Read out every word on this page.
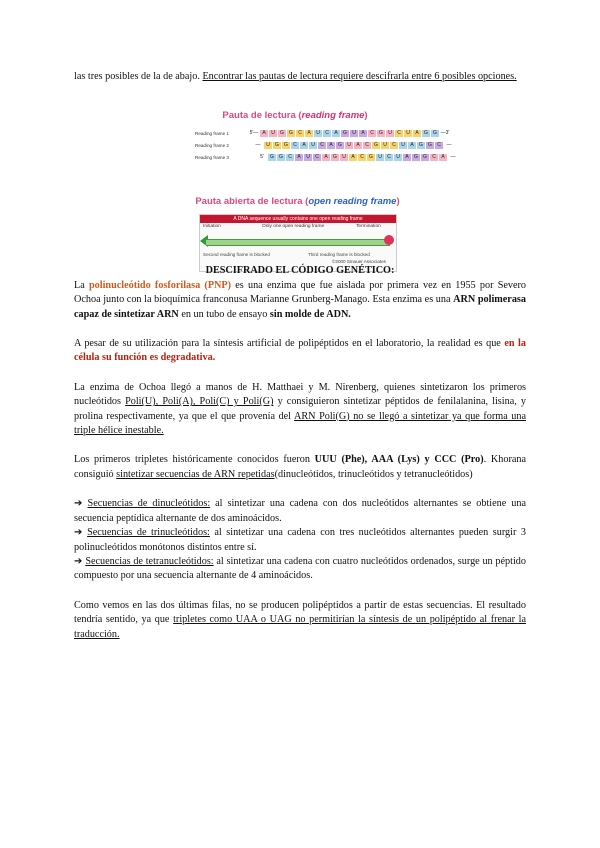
Pauta de lectura (reading frame)
Reading frame 1	5'— A	U	G	G	C	A	U	C	A	G	U	A	C	G	U	C	U	A	G	G —3'
Reading frame 2	—	U	G	G	C	A	U	C	A	G	U	A	C	G	U	C	U	A	G	G	C	—
Reading frame 3	5'	G	G	C	A	U	C	A	G	U	A	C	G	U	C	U	A	G	G	C	A	—
Pauta abierta de lectura (open reading frame)
A DNA sequence usually contains one open reading frame
Initiation	Only one open reading frame	Termination
Second reading frame is blocked	Third reading frame is blocked
©2000 Sinauer Associates

las tres posibles de la de abajo. Encontrar las pautas de lectura requiere descifrarla entre 6 posibles opciones.

DESCIFRADO EL CÓDIGO GENÉTICO:

La polinucleótido fosforilasa (PNP) es una enzima que fue aislada por primera vez en 1955 por Severo Ochoa junto con la bioquímica franconusa Marianne Grunberg-Manago. Esta enzima es una ARN polimerasa capaz de sintetizar ARN en un tubo de ensayo sin molde de ADN.

A pesar de su utilización para la síntesis artificial de polipéptidos en el laboratorio, la realidad es que en la célula su función es degradativa.

La enzima de Ochoa llegó a manos de H. Matthaei y M. Nirenberg, quienes sintetizaron los primeros nucleótidos Poli(U), Poli(A), Poli(C) y Poli(G) y consiguieron sintetizar péptidos de fenilalanina, lisina, y prolina respectivamente, ya que el que provenía del ARN Poli(G) no se llegó a sintetizar ya que forma una triple hélice inestable.

Los primeros tripletes históricamente conocidos fueron UUU (Phe), AAA (Lys) y CCC (Pro). Khorana consiguió sintetizar secuencias de ARN repetidas(dinucleótidos, trinucleótidos y tetranucleótidos)

➔ Secuencias de dinucleótidos: al sintetizar una cadena con dos nucleótidos alternantes se obtiene una secuencia peptídica alternante de dos aminoácidos.

➔ Secuencias de trinucleótidos: al sintetizar una cadena con tres nucleótidos alternantes pueden surgir 3 polinucleótidos monótonos distintos entre sí.

➔ Secuencias de tetranucleótidos: al sintetizar una cadena con cuatro nucleótidos ordenados, surge un péptido compuesto por una secuencia alternante de 4 aminoácidos.

Como vemos en las dos últimas filas, no se producen polipéptidos a partir de estas secuencias. El resultado tendría sentido, ya que tripletes como UAA o UAG no permitirían la síntesis de un polipéptido al frenar la traducción.
